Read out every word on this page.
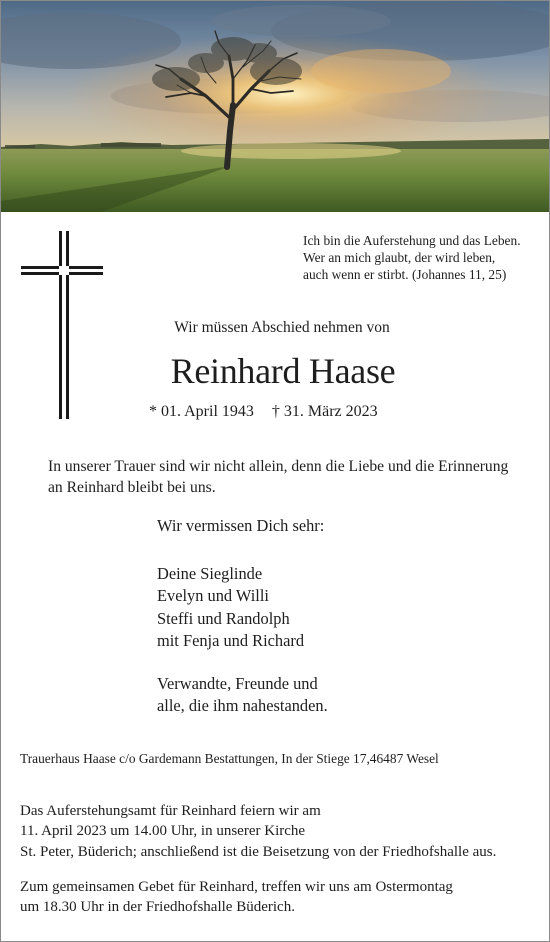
Ich bin die Auferstehung und das Leben.
Wer an mich glaubt, der wird leben,
auch wenn er stirbt. (Johannes 11, 25)
Wir müssen Abschied nehmen von
Reinhard Haase
* 01. April 1943 † 31. März 2023
In unserer Trauer sind wir nicht allein, denn die Liebe und die Erinnerung
an Reinhard bleibt bei uns.
Wir vermissen Dich sehr:
Deine Sieglinde
Evelyn und Willi
Steffi und Randolph
mit Fenja und Richard
Verwandte, Freunde und
alle, die ihm nahestanden.
Trauerhaus Haase c/o Gardemann Bestattungen, In der Stiege 17,46487 Wesel
Das Auferstehungsamt für Reinhard feiern wir am
11. April 2023 um 14.00 Uhr, in unserer Kirche
St. Peter, Büderich; anschließend ist die Beisetzung von der Friedhofshalle aus.
Zum gemeinsamen Gebet für Reinhard, treffen wir uns am Ostermontag
um 18.30 Uhr in der Friedhofshalle Büderich.
